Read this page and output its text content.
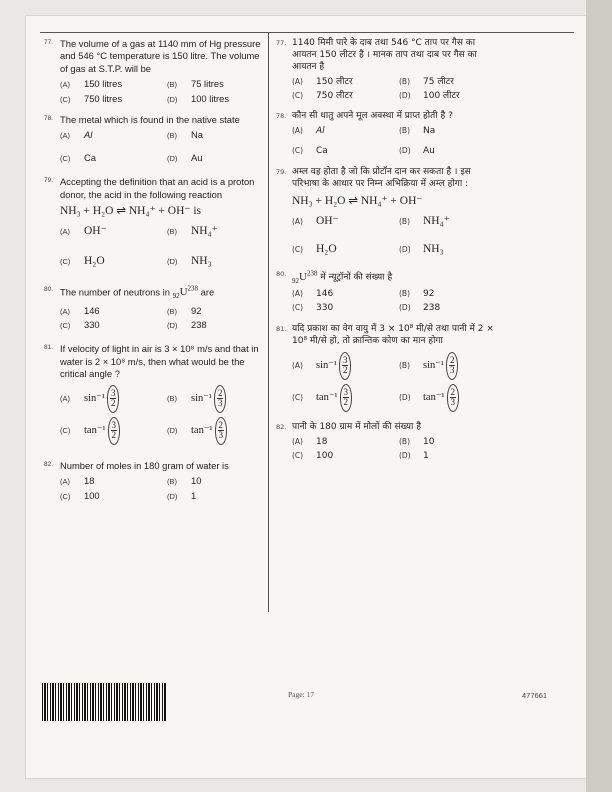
77. The volume of a gas at 1140 mm of Hg pressure and 546 °C temperature is 150 litre. The volume of gas at S.T.P. will be
(A)	150 litres	(B)	75 litres
(C)	750 litres	(D)	100 litres
78. The metal which is found in the native state
(A)	Al	(B)	Na
(C)	Ca	(D)	Au
79. Accepting the definition that an acid is a proton donor, the acid in the following reaction
NH₃ + H₂O ⇌ NH₄⁺ + OH⁻ is
(A)	OH⁻	(B)	NH₄⁺
(C)	H₂O	(D)	NH₃
80. The number of neutrons in $_{92}U^{238}$ are
(A)	146	(B)	92
(C)	330	(D)	238
81. If velocity of light in air is 3 × 10⁸ m/s and that in water is 2 × 10⁸ m/s, then what would be the critical angle ?
(A)	$\sin^{-1} \frac{3}{2}$	(B)	$\sin^{-1} \frac{2}{3}$
(C)	$\tan^{-1} \frac{3}{2}$	(D)	$\tan^{-1} \frac{2}{3}$
82. Number of moles in 180 gram of water is
(A)	18	(B)	10
(C)	100	(D)	1
77. 1140 मिमी पारे के दाब तथा 546 °C ताप पर गैस का आयतन 150 लीटर है । मानक ताप तथा दाब पर गैस का आयतन है
(A)	150 लीटर	(B)	75 लीटर
(C)	750 लीटर	(D)	100 लीटर
78. कौन सी धातु अपने मूल अवस्था में प्राप्त होती है ?
(A)	Al	(B)	Na
(C)	Ca	(D)	Au
79. अम्ल वह होता है जो कि प्रोटॉन दान कर सकता है । इस परिभाषा के आधार पर निम्न अभिक्रिया में अम्ल होगा :
NH₃ + H₂O ⇌ NH₄⁺ + OH⁻
(A)	OH⁻	(B)	NH₄⁺
(C)	H₂O	(D)	NH₃
80.
$_{92}U^{238}$ में न्यूट्रॉनों की संख्या है
(A)	146	(B)	92
(C)	330	(D)	238
81. यदि प्रकाश का वेग वायु में 3 × 10⁸ मी/से तथा पानी में 2 × 10⁸ मी/से हो, तो क्रान्तिक कोण का मान होगा
(A)	$\sin^{-1} \frac{3}{2}$	(B)	$\sin^{-1} \frac{2}{3}$
(C)	$\tan^{-1} \frac{3}{2}$	(D)	$\tan^{-1} \frac{2}{3}$
82. पानी के 180 ग्राम में मोलों की संख्या है
(A)	18	(B)	10
(C)	100	(D)	1
Page: 17	477661
